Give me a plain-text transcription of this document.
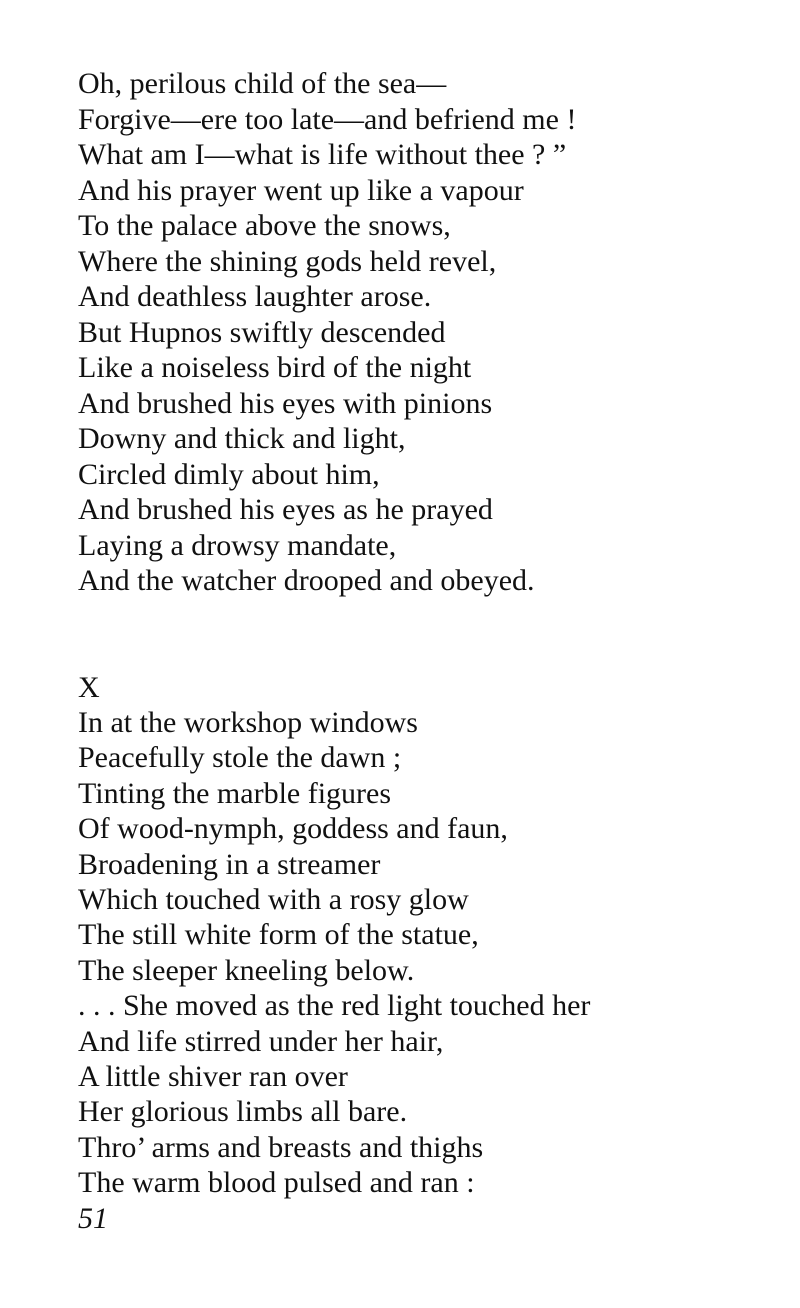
Oh, perilous child of the sea—
Forgive—ere too late—and befriend me !
What am I—what is life without thee ? ”
And his prayer went up like a vapour
To the palace above the snows,
Where the shining gods held revel,
And deathless laughter arose.
But Hupnos swiftly descended
Like a noiseless bird of the night
And brushed his eyes with pinions
Downy and thick and light,
Circled dimly about him,
And brushed his eyes as he prayed
Laying a drowsy mandate,
And the watcher drooped and obeyed.
X
In at the workshop windows
Peacefully stole the dawn ;
Tinting the marble figures
Of wood-nymph, goddess and faun,
Broadening in a streamer
Which touched with a rosy glow
The still white form of the statue,
The sleeper kneeling below.
. . . She moved as the red light touched her
And life stirred under her hair,
A little shiver ran over
Her glorious limbs all bare.
Thro’ arms and breasts and thighs
The warm blood pulsed and ran :
51
